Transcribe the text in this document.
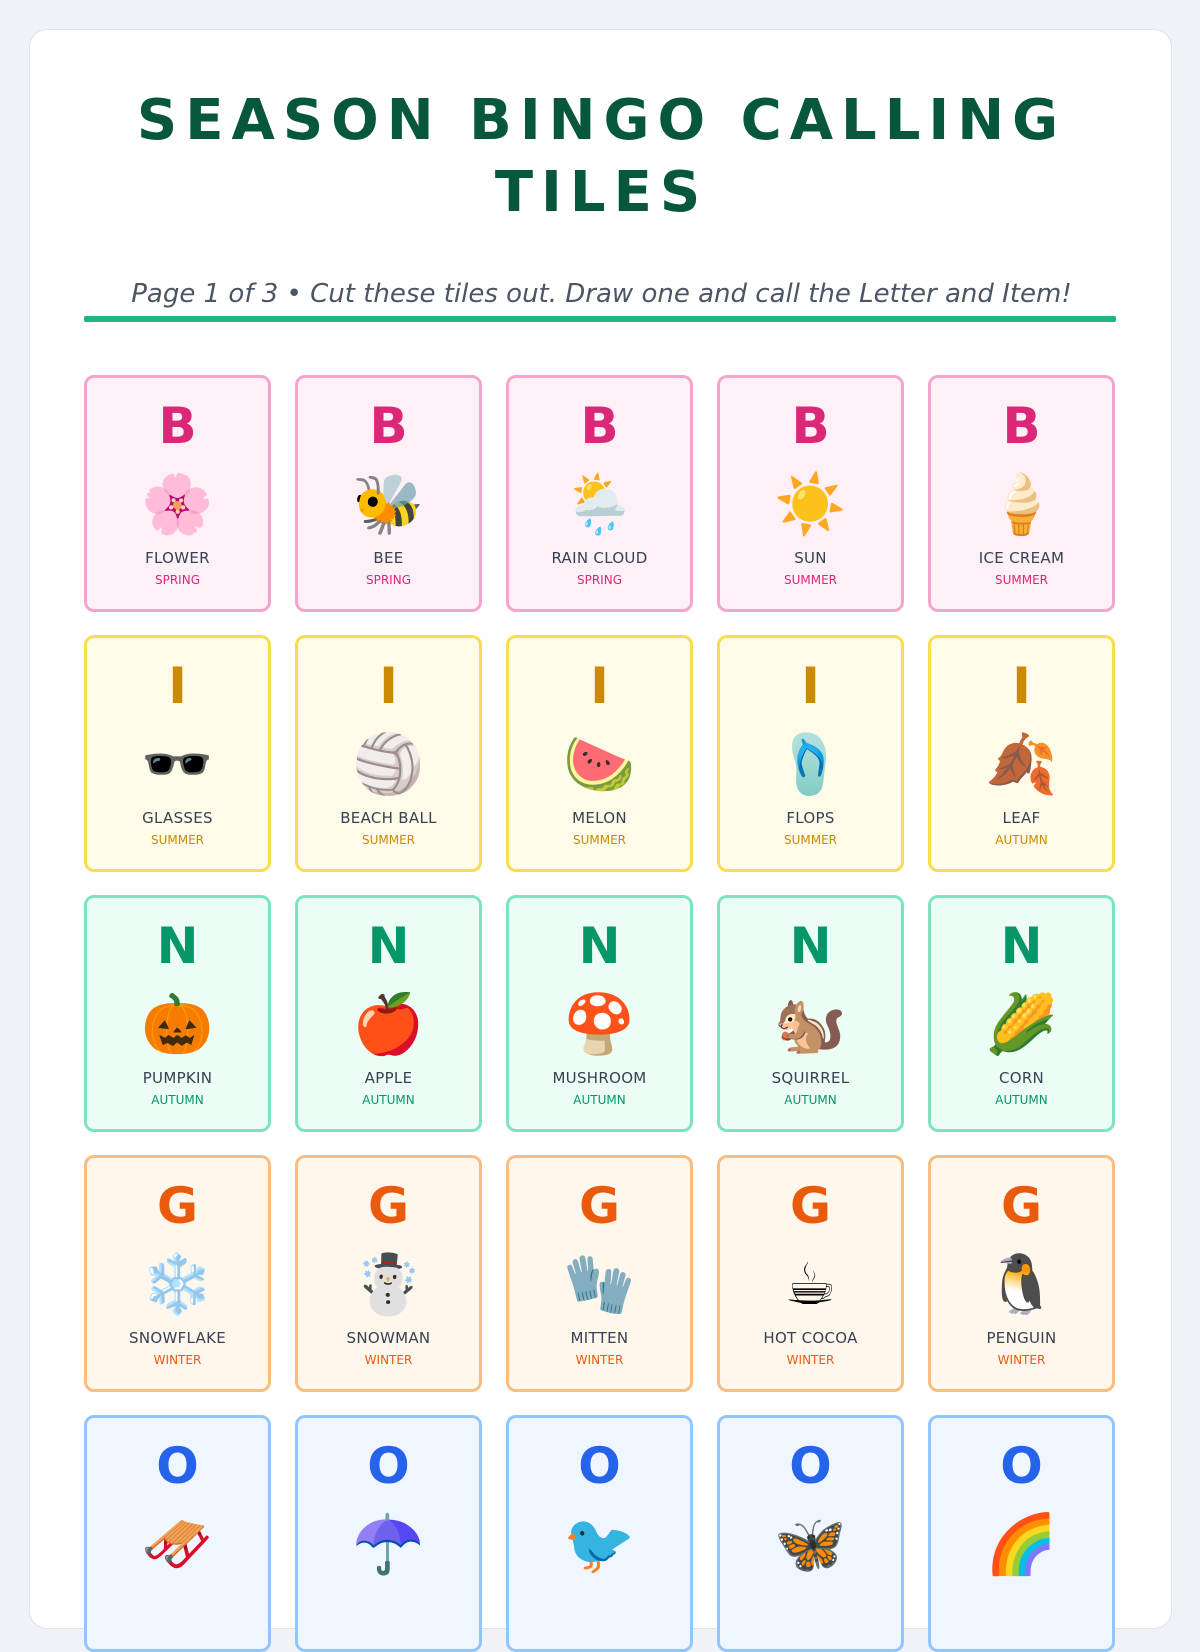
SEASON BINGO CALLING TILES
Page 1 of 3 • Cut these tiles out. Draw one and call the Letter and Item!
B
🌸
FLOWER
SPRING
B
🐝
BEE
SPRING
B
🌦️
RAIN CLOUD
SPRING
B
☀️
SUN
SUMMER
B
🍦
ICE CREAM
SUMMER
I
🕶️
GLASSES
SUMMER
I
🏐
BEACH BALL
SUMMER
I
🍉
MELON
SUMMER
I
🩴
FLOPS
SUMMER
I
🍂
LEAF
AUTUMN
N
🎃
PUMPKIN
AUTUMN
N
🍎
APPLE
AUTUMN
N
🍄
MUSHROOM
AUTUMN
N
🐿️
SQUIRREL
AUTUMN
N
🌽
CORN
AUTUMN
G
❄️
SNOWFLAKE
WINTER
G
☃️
SNOWMAN
WINTER
G
🧤
MITTEN
WINTER
G
☕
HOT COCOA
WINTER
G
🐧
PENGUIN
WINTER
O
🛷
O
☂️
O
🐦
O
🦋
O
🌈
